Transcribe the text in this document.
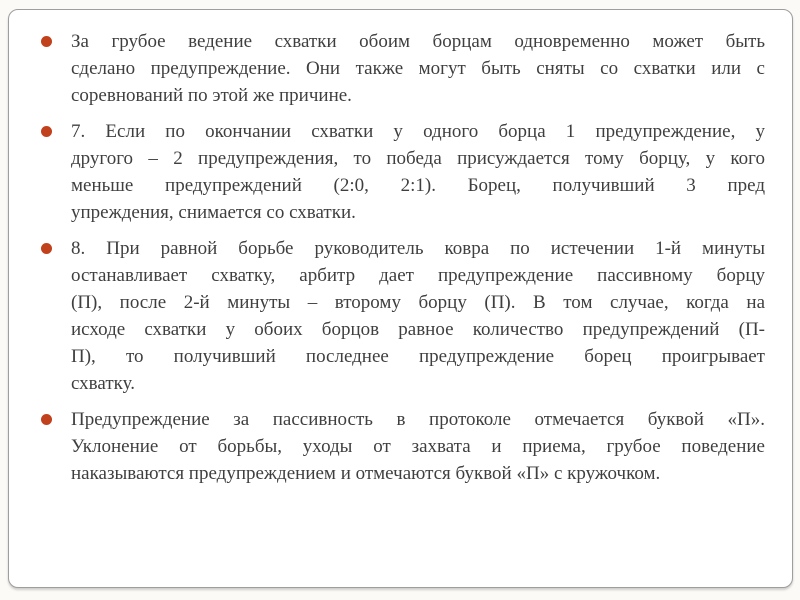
За грубое ведение схватки обоим борцам одновременно может быть
сделано предупреждение. Они также могут быть сняты со схватки или с
соревнований по этой же причине.
7. Если по окончании схватки у одного борца 1 предупреждение, у
другого – 2 предупреждения, то победа присуждается тому борцу, у кого
меньше предупреждений (2:0, 2:1). Борец, получивший 3 пред
упреждения, снимается со схватки.
8. При равной борьбе руководитель ковра по истечении 1-й минуты
останавливает схватку, арбитр дает предупреждение пассивному борцу
(П), после 2-й минуты – второму борцу (П). В том случае, когда на
исходе схватки у обоих борцов равное количество предупреждений (П-
П), то получивший последнее предупреждение борец проигрывает
схватку.
Предупреждение за пассивность в протоколе отмечается буквой «П».
Уклонение от борьбы, уходы от захвата и приема, грубое поведение
наказываются предупреждением и отмечаются буквой «П» с кружочком.
